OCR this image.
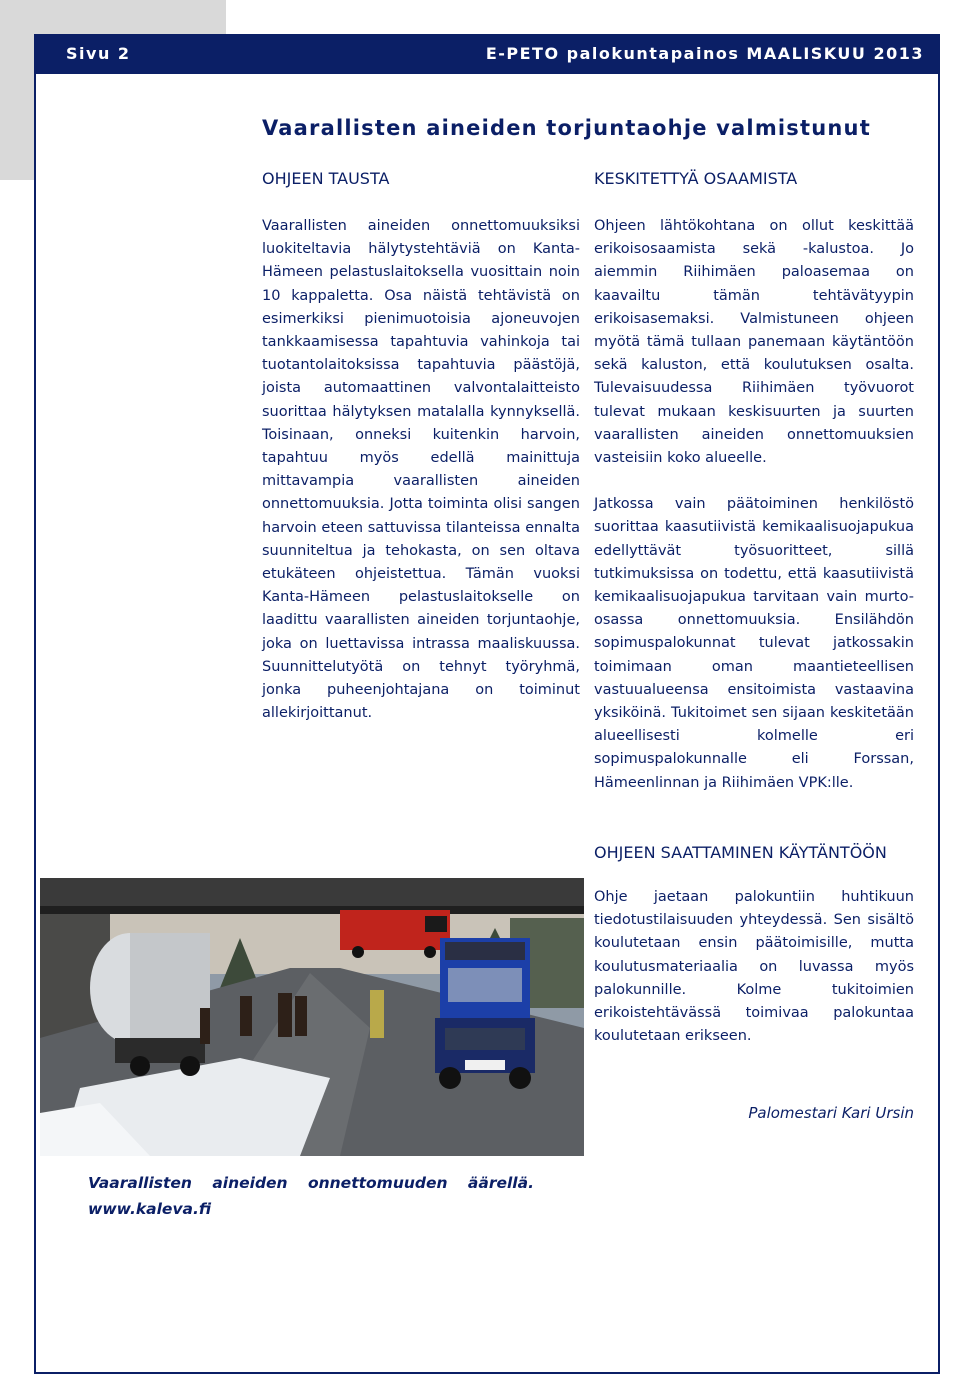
Sivu 2	E-PETO palokuntapainos MAALISKUU 2013
Vaarallisten aineiden torjuntaohje valmistunut
OHJEEN TAUSTA

Vaarallisten aineiden onnettomuuksiksi luokiteltavia hälytystehtäviä on Kanta-Hämeen pelastuslaitoksella vuosittain noin 10 kappaletta. Osa näistä tehtävistä on esimerkiksi pienimuotoisia ajoneuvojen tankkaamisessa tapahtuvia vahinkoja tai tuotantolaitoksissa tapahtuvia päästöjä, joista automaattinen valvontalaitteisto suorittaa hälytyksen matalalla kynnyksellä. Toisinaan, onneksi kuitenkin harvoin, tapahtuu myös edellä mainittuja mittavampia vaarallisten aineiden onnettomuuksia. Jotta toiminta olisi sangen harvoin eteen sattuvissa tilanteissa ennalta suunniteltua ja tehokasta, on sen oltava etukäteen ohjeistettua. Tämän vuoksi Kanta-Hämeen pelastuslaitokselle on laadittu vaarallisten aineiden torjuntaohje, joka on luettavissa intrassa maaliskuussa. Suunnittelutyötä on tehnyt työryhmä, jonka puheenjohtajana on toiminut allekirjoittanut.

KESKITETTYÄ OSAAMISTA

Ohjeen lähtökohtana on ollut keskittää erikoisosaamista sekä -kalustoa. Jo aiemmin Riihimäen paloasemaa on kaavailtu tämän tehtävätyypin erikoisasemaksi. Valmistuneen ohjeen myötä tämä tullaan panemaan käytäntöön sekä kaluston, että koulutuksen osalta. Tulevaisuudessa Riihimäen työvuorot tulevat mukaan keskisuurten ja suurten vaarallisten aineiden onnettomuuksien vasteisiin koko alueelle.

Jatkossa vain päätoiminen henkilöstö suorittaa kaasutiivistä kemikaalisuojapukua edellyttävät työsuoritteet, sillä tutkimuksissa on todettu, että kaasutiivistä kemikaalisuojapukua tarvitaan vain murto-osassa onnettomuuksia. Ensilähdön sopimuspalokunnat tulevat jatkossakin toimimaan oman maantieteellisen vastuualueensa ensitoimista vastaavina yksiköinä. Tukitoimet sen sijaan keskitetään alueellisesti kolmelle eri sopimuspalokunnalle eli Forssan, Hämeenlinnan ja Riihimäen VPK:lle.

OHJEEN SAATTAMINEN KÄYTÄNTÖÖN

Ohje jaetaan palokuntiin huhtikuun tiedotustilaisuuden yhteydessä. Sen sisältö koulutetaan ensin päätoimisille, mutta koulutusmateriaalia on luvassa myös palokunnille. Kolme tukitoimien erikoistehtävässä toimivaa palokuntaa koulutetaan erikseen.

Palomestari Kari Ursin
Vaarallisten aineiden onnettomuuden äärellä.
www.kaleva.fi
